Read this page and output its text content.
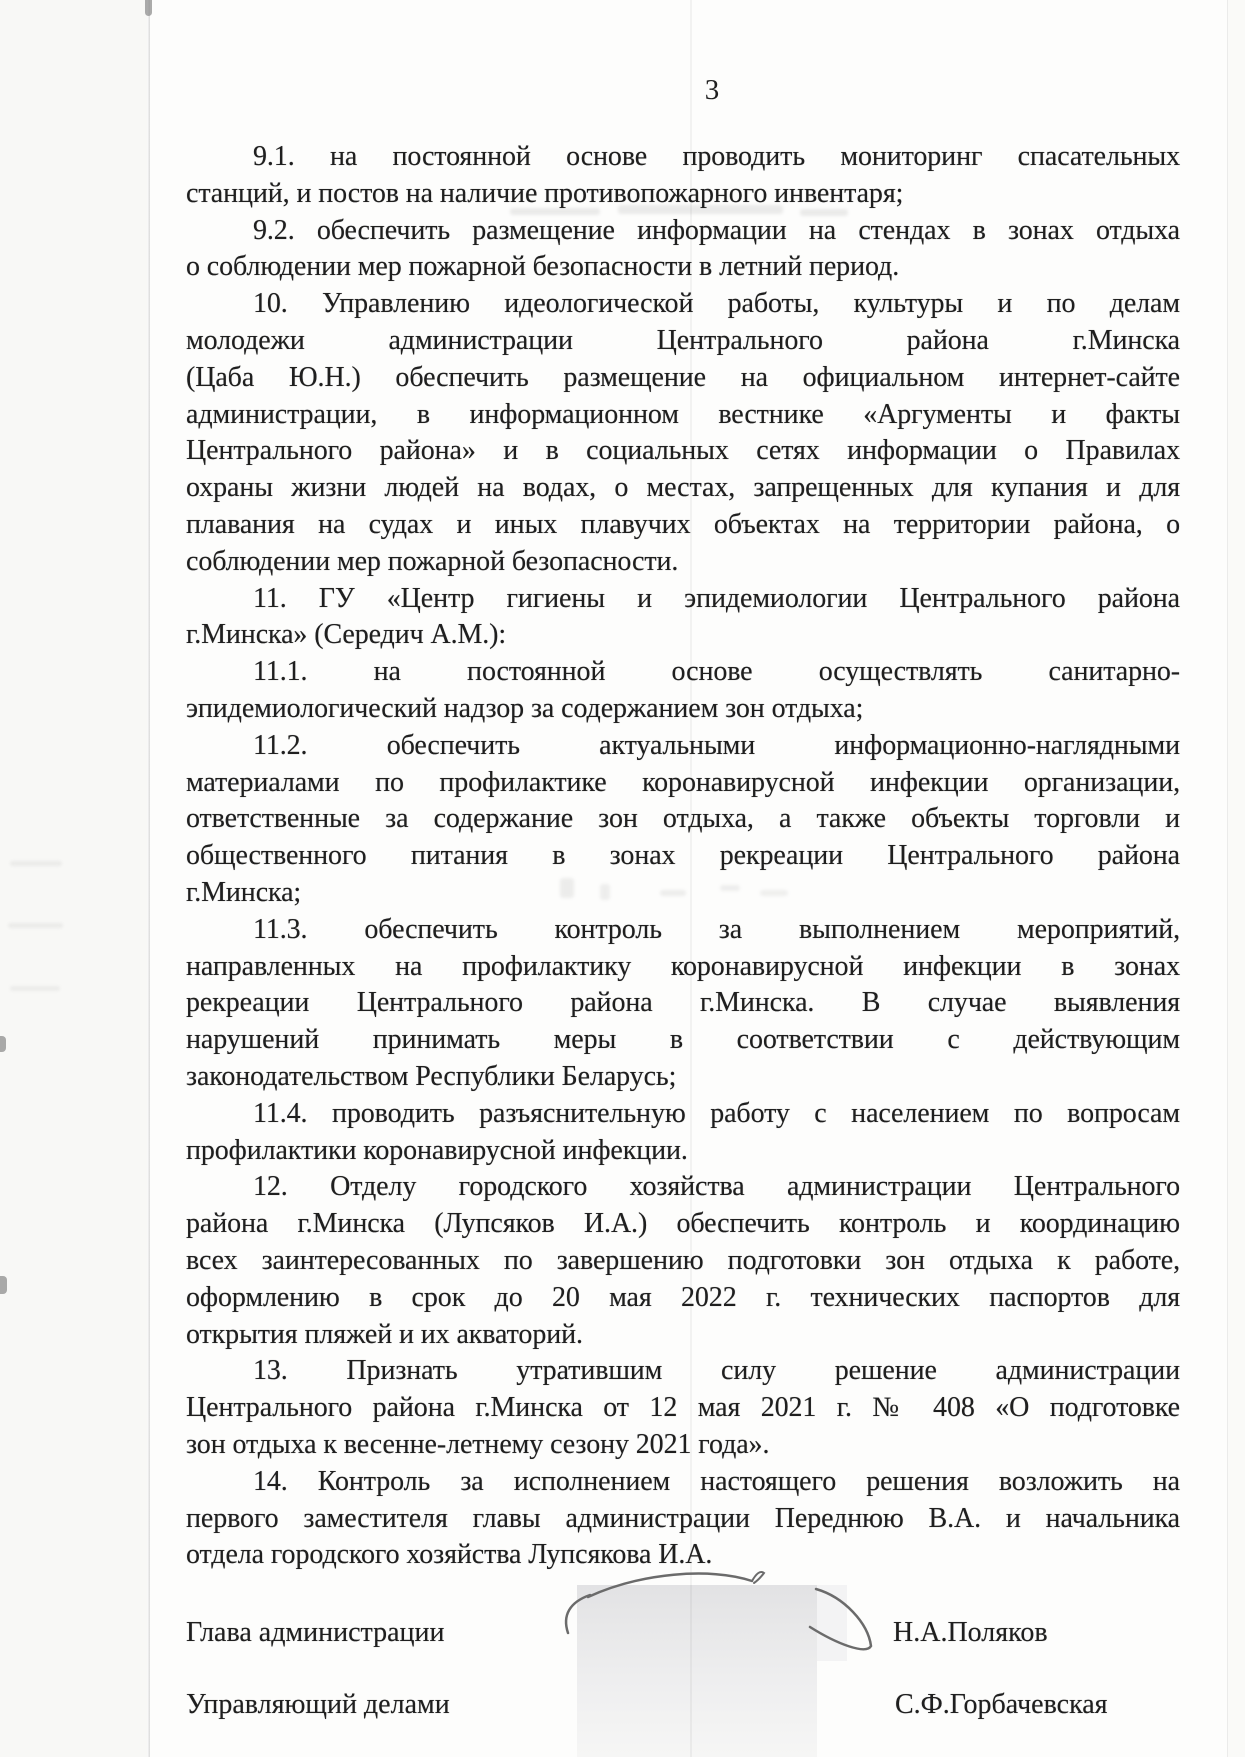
3
9.1. на постоянной основе проводить мониторинг спасательных
станций, и постов на наличие противопожарного инвентаря;
9.2. обеспечить размещение информации на стендах в зонах отдыха
о соблюдении мер пожарной безопасности в летний период.
10. Управлению идеологической работы, культуры и по делам
молодежи администрации Центрального района г.Минска
(Цаба Ю.Н.) обеспечить размещение на официальном интернет-сайте
администрации, в информационном вестнике «Аргументы и факты
Центрального района» и в социальных сетях информации о Правилах
охраны жизни людей на водах, о местах, запрещенных для купания и для
плавания на судах и иных плавучих объектах на территории района, о
соблюдении мер пожарной безопасности.
11. ГУ «Центр гигиены и эпидемиологии Центрального района
г.Минска» (Середич А.М.):
11.1. на постоянной основе осуществлять санитарно-
эпидемиологический надзор за содержанием зон отдыха;
11.2. обеспечить актуальными информационно-наглядными
материалами по профилактике коронавирусной инфекции организации,
ответственные за содержание зон отдыха, а также объекты торговли и
общественного питания в зонах рекреации Центрального района
г.Минска;
11.3. обеспечить контроль за выполнением мероприятий,
направленных на профилактику коронавирусной инфекции в зонах
рекреации Центрального района г.Минска. В случае выявления
нарушений принимать меры в соответствии с действующим
законодательством Республики Беларусь;
11.4. проводить разъяснительную работу с населением по вопросам
профилактики коронавирусной инфекции.
12. Отделу городского хозяйства администрации Центрального
района г.Минска (Лупсяков И.А.) обеспечить контроль и координацию
всех заинтересованных по завершению подготовки зон отдыха к работе,
оформлению в срок до 20 мая 2022 г. технических паспортов для
открытия пляжей и их акваторий.
13. Признать утратившим силу решение администрации
Центрального района г.Минска от 12 мая 2021 г. № 408 «О подготовке
зон отдыха к весенне-летнему сезону 2021 года».
14. Контроль за исполнением настоящего решения возложить на
первого заместителя главы администрации Переднюю В.А. и начальника
отдела городского хозяйства Лупсякова И.А.
Глава администрации	Н.А.Поляков
Управляющий делами	С.Ф.Горбачевская
